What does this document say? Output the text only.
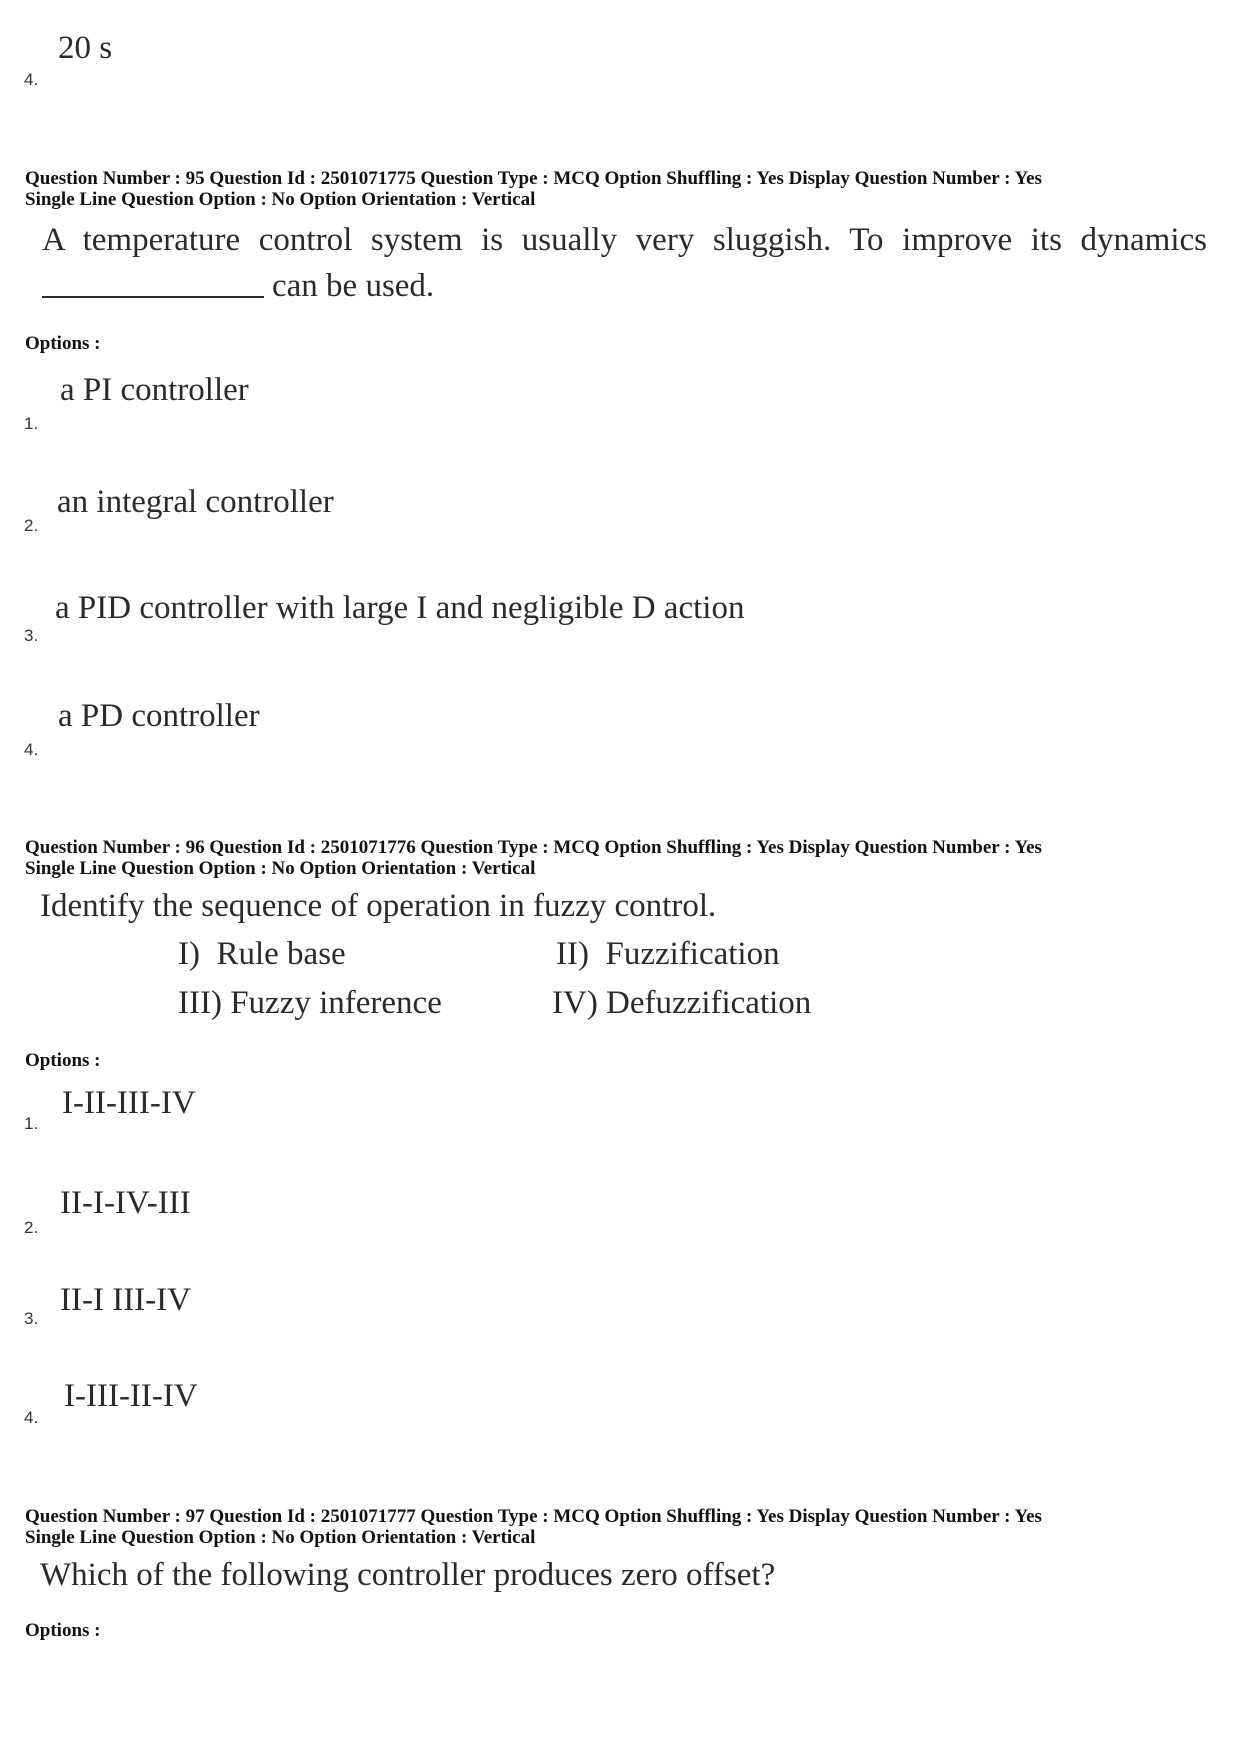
20 s
4.
Question Number : 95 Question Id : 2501071775 Question Type : MCQ Option Shuffling : Yes Display Question Number : Yes
Single Line Question Option : No Option Orientation : Vertical
A temperature control system is usually very sluggish. To improve its dynamics
can be used.
Options :
a PI controller
1.
an integral controller
2.
a PID controller with large I and negligible D action
3.
a PD controller
4.
Question Number : 96 Question Id : 2501071776 Question Type : MCQ Option Shuffling : Yes Display Question Number : Yes
Single Line Question Option : No Option Orientation : Vertical
Identify the sequence of operation in fuzzy control.
I)  Rule base	II)  Fuzzification
III) Fuzzy inference	IV) Defuzzification
Options :
I-II-III-IV
1.
II-I-IV-III
2.
II-I III-IV
3.
I-III-II-IV
4.
Question Number : 97 Question Id : 2501071777 Question Type : MCQ Option Shuffling : Yes Display Question Number : Yes
Single Line Question Option : No Option Orientation : Vertical
Which of the following controller produces zero offset?
Options :
